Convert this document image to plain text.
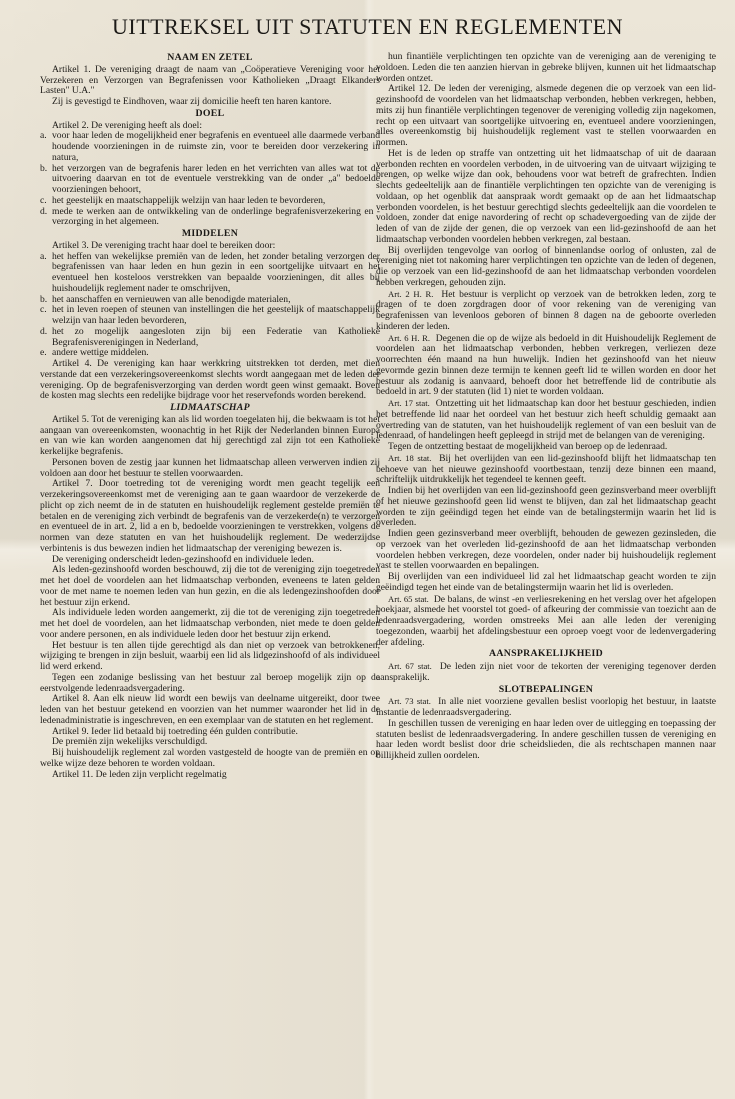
UITTREKSEL UIT STATUTEN EN REGLEMENTEN
NAAM EN ZETEL

Artikel 1. De vereniging draagt de naam van „Coöperatieve Vereniging voor het Verzekeren en Verzorgen van Begrafenissen voor Katholieken „Draagt Elkanders Lasten" U.A."

Zij is gevestigd te Eindhoven, waar zij domicilie heeft ten haren kantore.

DOEL

Artikel 2. De vereniging heeft als doel:

a. voor haar leden de mogelijkheid ener begrafenis en eventueel alle daarmede verband houdende voorzieningen in de ruimste zin, voor te bereiden door verzekering in natura,
b. het verzorgen van de begrafenis harer leden en het verrichten van alles wat tot de uitvoering daarvan en tot de eventuele verstrekking van de onder „a" bedoelde voorzieningen behoort,
c. het geestelijk en maatschappelijk welzijn van haar leden te bevorderen,
d. mede te werken aan de ontwikkeling van de onderlinge begrafenisverzekering en -verzorging in het algemeen.
MIDDELEN

Artikel 3. De vereniging tracht haar doel te bereiken door:

a. het heffen van wekelijkse premiën van de leden, het zonder betaling verzorgen der begrafenissen van haar leden en hun gezin in een soortgelijke uitvaart en het eventueel hen kosteloos verstrekken van bepaalde voorzieningen, dit alles bij huishoudelijk reglement nader te omschrijven,
b. het aanschaffen en vernieuwen van alle benodigde materialen,
c. het in leven roepen of steunen van instellingen die het geestelijk of maatschappelijk welzijn van haar leden bevorderen,
d. het zo mogelijk aangesloten zijn bij een Federatie van Katholieke Begrafenisverenigingen in Nederland,
e. andere wettige middelen.

Artikel 4. De vereniging kan haar werkkring uitstrekken tot derden, met dien verstande dat een verzekeringsovereenkomst slechts wordt aangegaan met de leden der vereniging. Op de begrafenisverzorging van derden wordt geen winst gemaakt. Boven de kosten mag slechts een redelijke bijdrage voor het reservefonds worden berekend.

LIDMAATSCHAP

Artikel 5. Tot de vereniging kan als lid worden toegelaten hij, die bekwaam is tot het aangaan van overeenkomsten, woonachtig in het Rijk der Nederlanden binnen Europa en van wie kan worden aangenomen dat hij gerechtigd zal zijn tot een Katholieke kerkelijke begrafenis.

Personen boven de zestig jaar kunnen het lidmaatschap alleen verwerven indien zij voldoen aan door het bestuur te stellen voorwaarden.

Artikel 7. Door toetreding tot de vereniging wordt men geacht tegelijk een verzekeringsovereenkomst met de vereniging aan te gaan waardoor de verzekerde de plicht op zich neemt de in de statuten en huishoudelijk reglement gestelde premiën te betalen en de vereniging zich verbindt de begrafenis van de verzekerde(n) te verzorgen en eventueel de in art. 2, lid a en b, bedoelde voorzieningen te verstrekken, volgens de normen van deze statuten en van het huishoudelijk reglement. De wederzijdse verbintenis is dus bewezen indien het lidmaatschap der vereniging bewezen is.

De vereniging onderscheidt leden-gezinshoofd en individuele leden.

Als leden-gezinshoofd worden beschouwd, zij die tot de vereniging zijn toegetreden met het doel de voordelen aan het lidmaatschap verbonden, eveneens te laten gelden voor de met name te noemen leden van hun gezin, en die als ledengezinshoofden door het bestuur zijn erkend.

Als individuele leden worden aangemerkt, zij die tot de vereniging zijn toegetreden met het doel de voordelen, aan het lidmaatschap verbonden, niet mede te doen gelden voor andere personen, en als individuele leden door het bestuur zijn erkend.

Het bestuur is ten allen tijde gerechtigd als dan niet op verzoek van betrokkenen, wijziging te brengen in zijn besluit, waarbij een lid als lidgezinshoofd of als individueel lid werd erkend.

Tegen een zodanige beslissing van het bestuur zal beroep mogelijk zijn op de eerstvolgende ledenraadsvergadering.

Artikel 8. Aan elk nieuw lid wordt een bewijs van deelname uitgereikt, door twee leden van het bestuur getekend en voorzien van het nummer waaronder het lid in de ledenadministratie is ingeschreven, en een exemplaar van de statuten en het reglement.

Artikel 9. Ieder lid betaald bij toetreding één gulden contributie.

De premiën zijn wekelijks verschuldigd.

Bij huishoudelijk reglement zal worden vastgesteld de hoogte van de premiën en op welke wijze deze behoren te worden voldaan.

Artikel 11. De leden zijn verplicht regelmatig

hun finantiële verplichtingen ten opzichte van de vereniging aan de vereniging te voldoen. Leden die ten aanzien hiervan in gebreke blijven, kunnen uit het lidmaatschap worden ontzet.

Artikel 12. De leden der vereniging, alsmede degenen die op verzoek van een lid-gezinshoofd de voordelen van het lidmaatschap verbonden, hebben verkregen, hebben, mits zij hun finantiële verplichtingen tegenover de vereniging volledig zijn nagekomen, recht op een uitvaart van soortgelijke uitvoering en, eventueel andere voorzieningen, alles overeenkomstig bij huishoudelijk reglement vast te stellen voorwaarden en normen.

Het is de leden op straffe van ontzetting uit het lidmaatschap of uit de daaraan verbonden rechten en voordelen verboden, in de uitvoering van de uitvaart wijziging te brengen, op welke wijze dan ook, behoudens voor wat betreft de grafrechten. Indien slechts gedeeltelijk aan de finantiële verplichtingen ten opzichte van de vereniging is voldaan, op het ogenblik dat aanspraak wordt gemaakt op de aan het lidmaatschap verbonden voordelen, is het bestuur gerechtigd slechts gedeeltelijk aan die voordelen te voldoen, zonder dat enige navordering of recht op schadevergoeding van de zijde der leden of van de zijde der genen, die op verzoek van een lid-gezinshoofd de aan het lidmaatschap verbonden voordelen hebben verkregen, zal bestaan.

Bij overlijden tengevolge van oorlog of binnenlandse oorlog of onlusten, zal de vereniging niet tot nakoming harer verplichtingen ten opzichte van de leden of degenen, die op verzoek van een lid-gezinshoofd de aan het lidmaatschap verbonden voordelen hebben verkregen, gehouden zijn.

Art. 2 H. R. Het bestuur is verplicht op verzoek van de betrokken leden, zorg te dragen of te doen zorgdragen door of voor rekening van de vereniging van begrafenissen van levenloos geboren of binnen 8 dagen na de geboorte overleden kinderen der leden.

Art. 6 H. R. Degenen die op de wijze als bedoeld in dit Huishoudelijk Reglement de voordelen aan het lidmaatschap verbonden, hebben verkregen, verliezen deze voorrechten één maand na hun huwelijk. Indien het gezinshoofd van het nieuw gevormde gezin binnen deze termijn te kennen geeft lid te willen worden en door het bestuur als zodanig is aanvaard, behoeft door het betreffende lid de contributie als bedoeld in art. 9 der statuten (lid 1) niet te worden voldaan.

Art. 17 stat. Ontzetting uit het lidmaatschap kan door het bestuur geschieden, indien het betreffende lid naar het oordeel van het bestuur zich heeft schuldig gemaakt aan overtreding van de statuten, van het huishoudelijk reglement of van een besluit van de ledenraad, of handelingen heeft gepleegd in strijd met de belangen van de vereniging.

Tegen de ontzetting bestaat de mogelijkheid van beroep op de ledenraad.

Art. 18 stat. Bij het overlijden van een lid-gezinshoofd blijft het lidmaatschap ten behoeve van het nieuwe gezinshoofd voortbestaan, tenzij deze binnen een maand, schriftelijk uitdrukkelijk het tegendeel te kennen geeft.

Indien bij het overlijden van een lid-gezinshoofd geen gezinsverband meer overblijft of het nieuwe gezinshoofd geen lid wenst te blijven, dan zal het lidmaatschap geacht worden te zijn geëindigd tegen het einde van de betalingstermijn waarin het lid is overleden.

Indien geen gezinsverband meer overblijft, behouden de gewezen gezinsleden, die op verzoek van het overleden lid-gezinshoofd de aan het lidmaatschap verbonden voordelen hebben verkregen, deze voordelen, onder nader bij huishoudelijk reglement vast te stellen voorwaarden en bepalingen.

Bij overlijden van een individueel lid zal het lidmaatschap geacht worden te zijn geëindigd tegen het einde van de betalingstermijn waarin het lid is overleden.

Art. 65 stat. De balans, de winst -en verliesrekening en het verslag over het afgelopen boekjaar, alsmede het voorstel tot goed- of afkeuring der commissie van toezicht aan de ledenraadsvergadering, worden omstreeks Mei aan alle leden der vereniging toegezonden, waarbij het afdelingsbestuur een oproep voegt voor de ledenvergadering der afdeling.

AANSPRAKELIJKHEID

Art. 67 stat. De leden zijn niet voor de tekorten der vereniging tegenover derden aansprakelijk.

SLOTBEPALINGEN

Art. 73 stat. In alle niet voorziene gevallen beslist voorlopig het bestuur, in laatste instantie de ledenraadsvergadering.

In geschillen tussen de vereniging en haar leden over de uitlegging en toepassing der statuten beslist de ledenraadsvergadering. In andere geschillen tussen de vereniging en haar leden wordt beslist door drie scheidslieden, die als rechtschapen mannen naar billijkheid zullen oordelen.
